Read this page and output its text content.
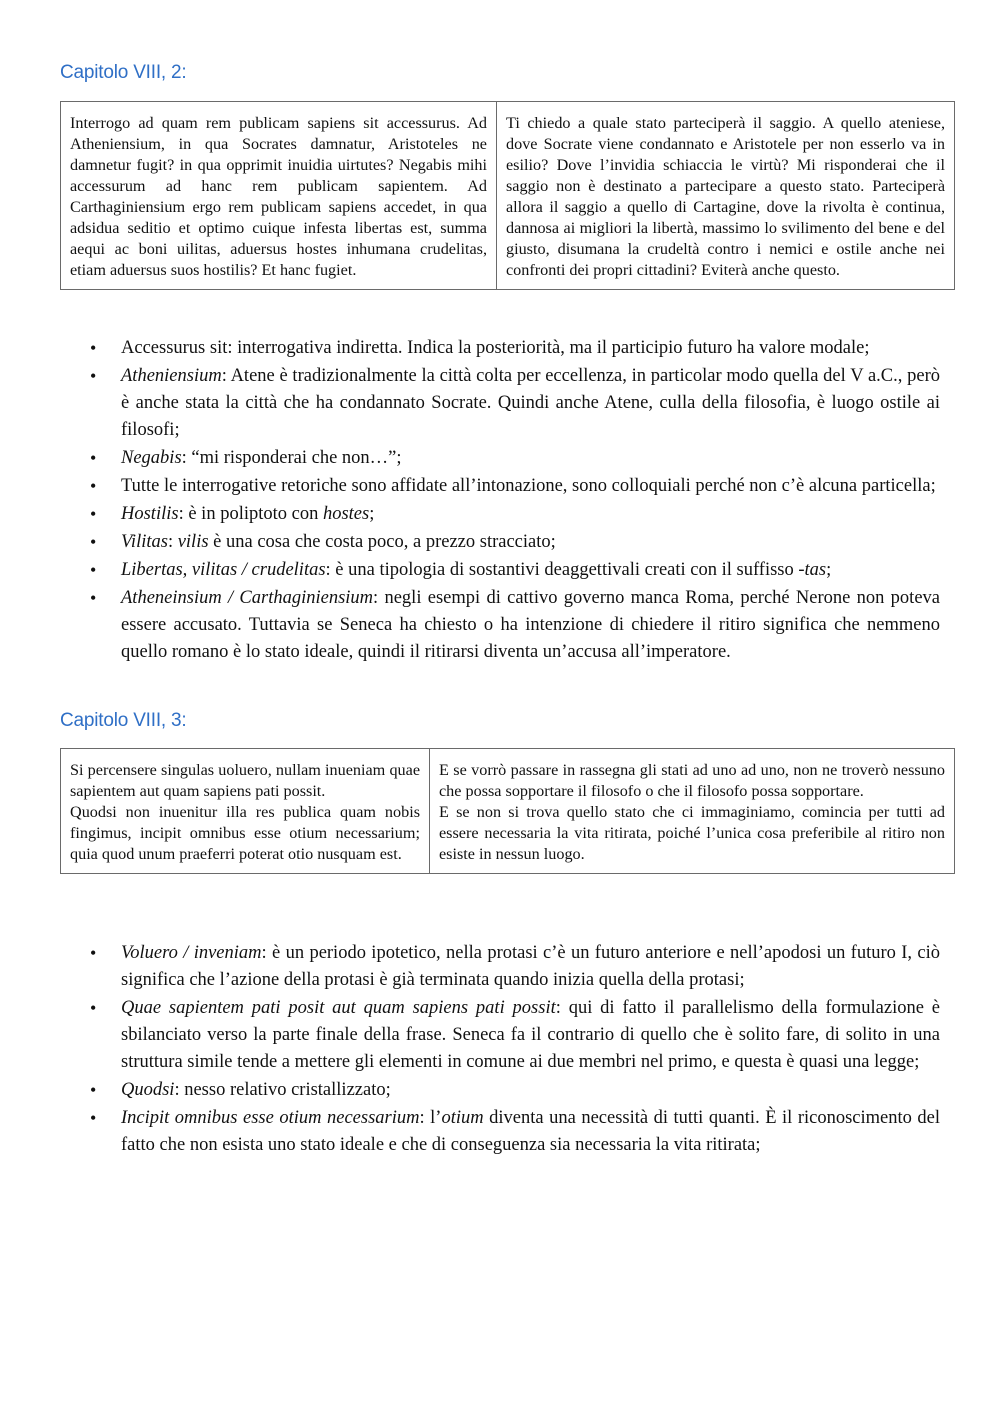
Capitolo VIII, 2:
Interrogo ad quam rem publicam sapiens sit accessurus. Ad Atheniensium, in qua Socrates damnatur, Aristoteles ne damnetur fugit? in qua opprimit inuidia uirtutes? Negabis mihi accessurum ad hanc rem publicam sapientem. Ad Carthaginiensium ergo rem publicam sapiens accedet, in qua adsidua seditio et optimo cuique infesta libertas est, summa aequi ac boni uilitas, aduersus hostes inhumana crudelitas, etiam aduersus suos hostilis? Et hanc fugiet.

Ti chiedo a quale stato parteciperà il saggio. A quello ateniese, dove Socrate viene condannato e Aristotele per non esserlo va in esilio? Dove l’invidia schiaccia le virtù? Mi risponderai che il saggio non è destinato a partecipare a questo stato. Parteciperà allora il saggio a quello di Cartagine, dove la rivolta è continua, dannosa ai migliori la libertà, massimo lo svilimento del bene e del giusto, disumana la crudeltà contro i nemici e ostile anche nei confronti dei propri cittadini? Eviterà anche questo.
• Accessurus sit: interrogativa indiretta. Indica la posteriorità, ma il participio futuro ha valore modale;
• Atheniensium: Atene è tradizionalmente la città colta per eccellenza, in particolar modo quella del V a.C., però è anche stata la città che ha condannato Socrate. Quindi anche Atene, culla della filosofia, è luogo ostile ai filosofi;
• Negabis: “mi risponderai che non…”;
• Tutte le interrogative retoriche sono affidate all’intonazione, sono colloquiali perché non c’è alcuna particella;
• Hostilis: è in poliptoto con hostes;
• Vilitas: vilis è una cosa che costa poco, a prezzo stracciato;
• Libertas, vilitas / crudelitas: è una tipologia di sostantivi deaggettivali creati con il suffisso -tas;
• Atheneinsium / Carthaginiensium: negli esempi di cattivo governo manca Roma, perché Nerone non poteva essere accusato. Tuttavia se Seneca ha chiesto o ha intenzione di chiedere il ritiro significa che nemmeno quello romano è lo stato ideale, quindi il ritirarsi diventa un’accusa all’imperatore.
Capitolo VIII, 3:
Si percensere singulas uoluero, nullam inueniam quae sapientem aut quam sapiens pati possit.
Quodsi non inuenitur illa res publica quam nobis fingimus, incipit omnibus esse otium necessarium; quia quod unum praeferri poterat otio nusquam est.

E se vorrò passare in rassegna gli stati ad uno ad uno, non ne troverò nessuno che possa sopportare il filosofo o che il filosofo possa sopportare.
E se non si trova quello stato che ci immaginiamo, comincia per tutti ad essere necessaria la vita ritirata, poiché l’unica cosa preferibile al ritiro non esiste in nessun luogo.
• Voluero / inveniam: è un periodo ipotetico, nella protasi c’è un futuro anteriore e nell’apodosi un futuro I, ciò significa che l’azione della protasi è già terminata quando inizia quella della protasi;
• Quae sapientem pati posit aut quam sapiens pati possit: qui di fatto il parallelismo della formulazione è sbilanciato verso la parte finale della frase. Seneca fa il contrario di quello che è solito fare, di solito in una struttura simile tende a mettere gli elementi in comune ai due membri nel primo, e questa è quasi una legge;
• Quodsi: nesso relativo cristallizzato;
• Incipit omnibus esse otium necessarium: l’otium diventa una necessità di tutti quanti. È il riconoscimento del fatto che non esista uno stato ideale e che di conseguenza sia necessaria la vita ritirata;
